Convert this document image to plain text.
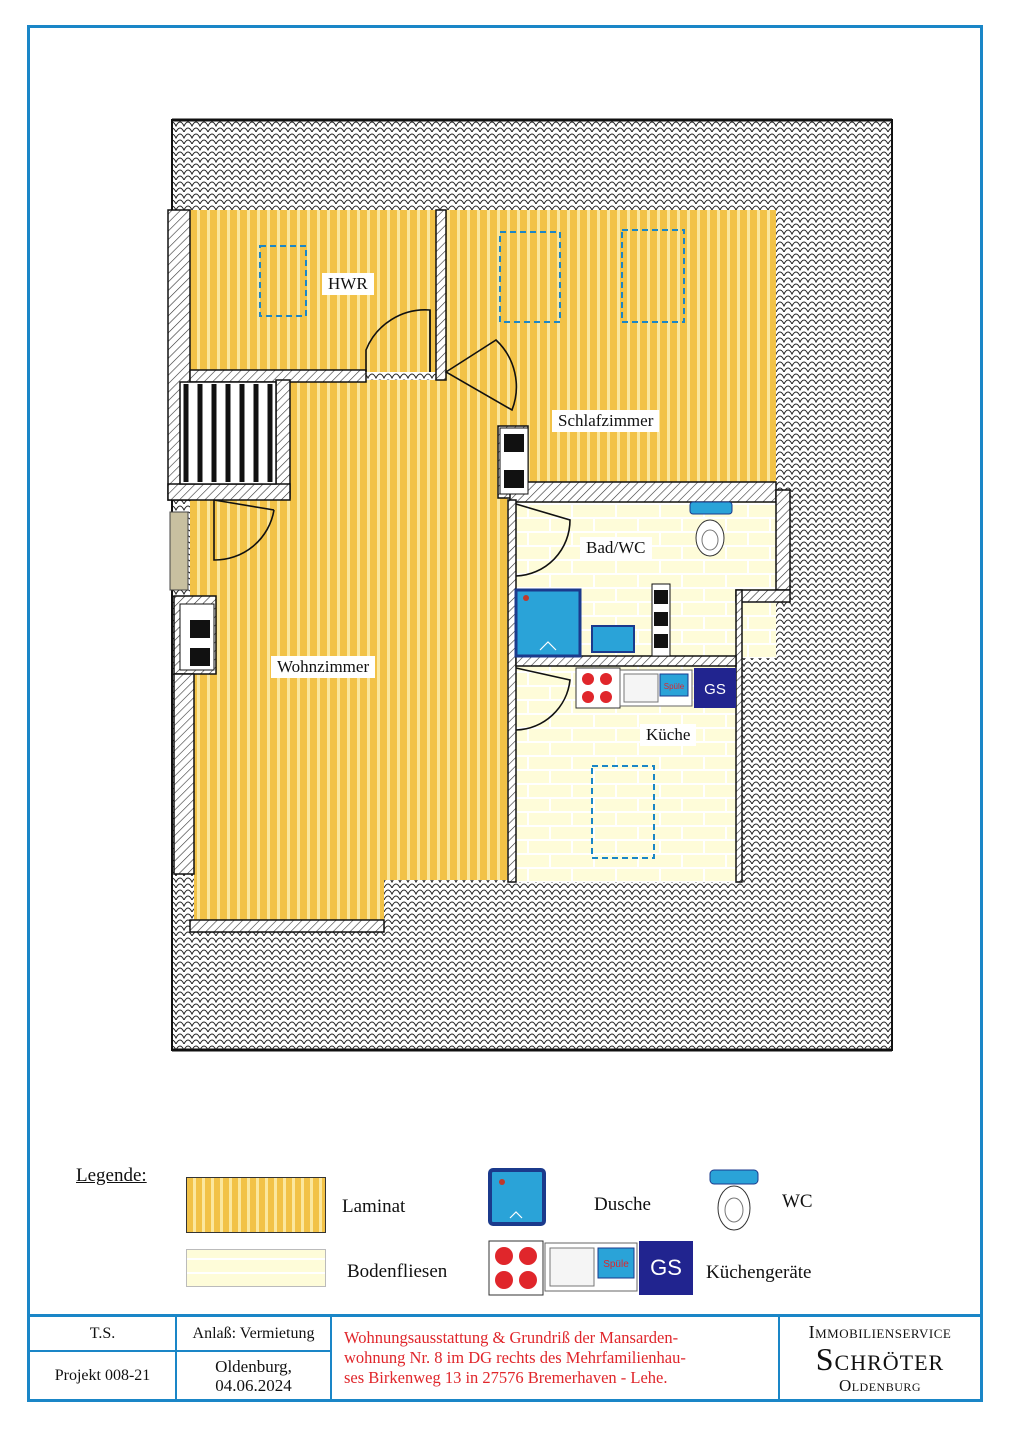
Spüle GS
HWR
Schlafzimmer
Bad/WC
Wohnzimmer
Küche
Legende:
Laminat	Dusche	WC
Bodenfliesen	Spüle GS Küchengeräte
T.S.
Projekt 008-21
Anlaß: Vermietung
Oldenburg,
04.06.2024
Wohnungsausstattung & Grundriß der Mansarden-
wohnung Nr. 8 im DG rechts des Mehrfamilienhau-
ses Birkenweg 13 in 27576 Bremerhaven - Lehe.
Immobilienservice
Schröter
Oldenburg
